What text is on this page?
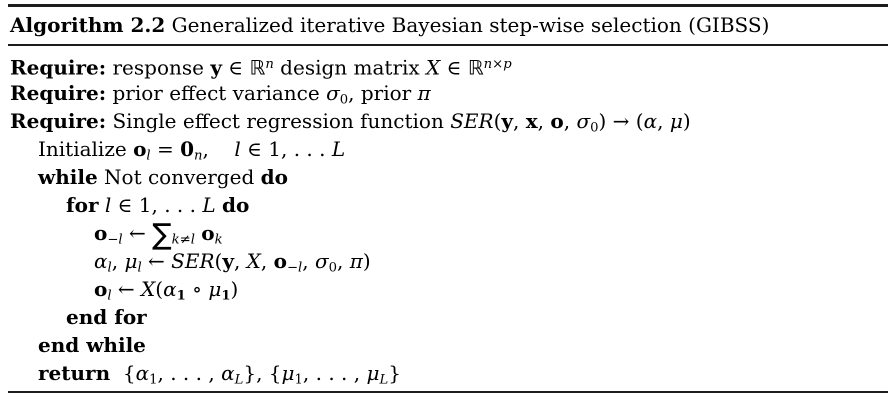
Algorithm 2.2 Generalized iterative Bayesian step-wise selection (GIBSS)
Require: response y ∈ ℝ$^n$ design matrix X ∈ ℝ$^{n\times p}$
Require: prior effect variance $\sigma_0$, prior π
Require: Single effect regression function SER(y, x, o, $\sigma_0) \to (\alpha$, μ)
Initialize $o_l = 0_n$,    l ∈ 1, . . . L
while Not converged do
for l ∈ 1, . . . L do
$o_{-l}$ ← $\sum_{k\ne l}$ $o_k$
$\alpha_l$, $\mu_l$ ← SER(y, X, $o_{-l}$, $\sigma_0$, π)
$o_l$ ← $X(\alpha_1$ ∘ $\mu_1$)
end for
end while
return  {$\alpha_1$, . . . , $\alpha_L$}, {$\mu_1$, . . . , $\mu_L$}
